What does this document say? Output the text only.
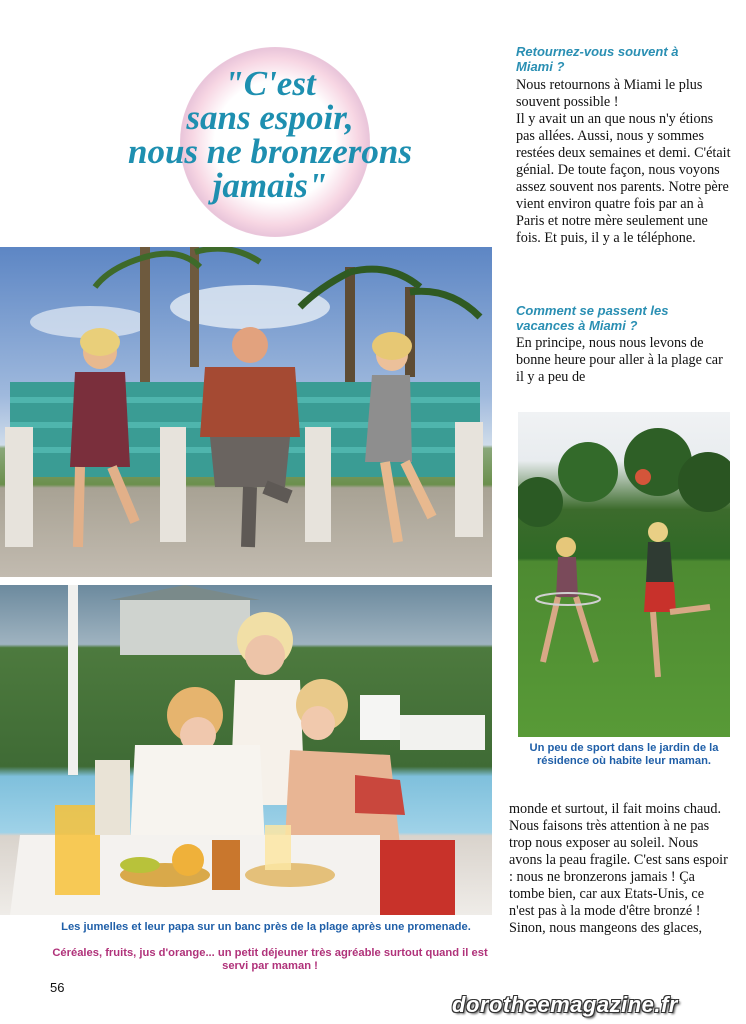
"C'est
sans espoir,
nous ne bronzerons
jamais"
Retournez-vous souvent à Miami ?

Nous retournons à Miami le plus souvent possible !

Il y avait un an que nous n'y étions pas allées. Aussi, nous y sommes restées deux semaines et demi. C'était génial. De toute façon, nous voyons assez souvent nos parents. Notre père vient environ quatre fois par an à Paris et notre mère seulement une fois. Et puis, il y a le téléphone.

Comment se passent les vacances à Miami ?
En principe, nous nous levons de bonne heure pour aller à la plage car il y a peu de
Un peu de sport dans le jardin de la résidence où habite leur maman.
Les jumelles et leur papa sur un banc près de la plage après une promenade.
Céréales, fruits, jus d'orange... un petit déjeuner très agréable surtout quand il est servi par maman !
monde et surtout, il fait moins chaud. Nous faisons très attention à ne pas trop nous exposer au soleil. Nous avons la peau fragile. C'est sans espoir : nous ne bronzerons jamais ! Ça tombe bien, car aux Etats-Unis, ce n'est pas à la mode d'être bronzé ! Sinon, nous mangeons des glaces,
56
dorotheemagazine.fr
